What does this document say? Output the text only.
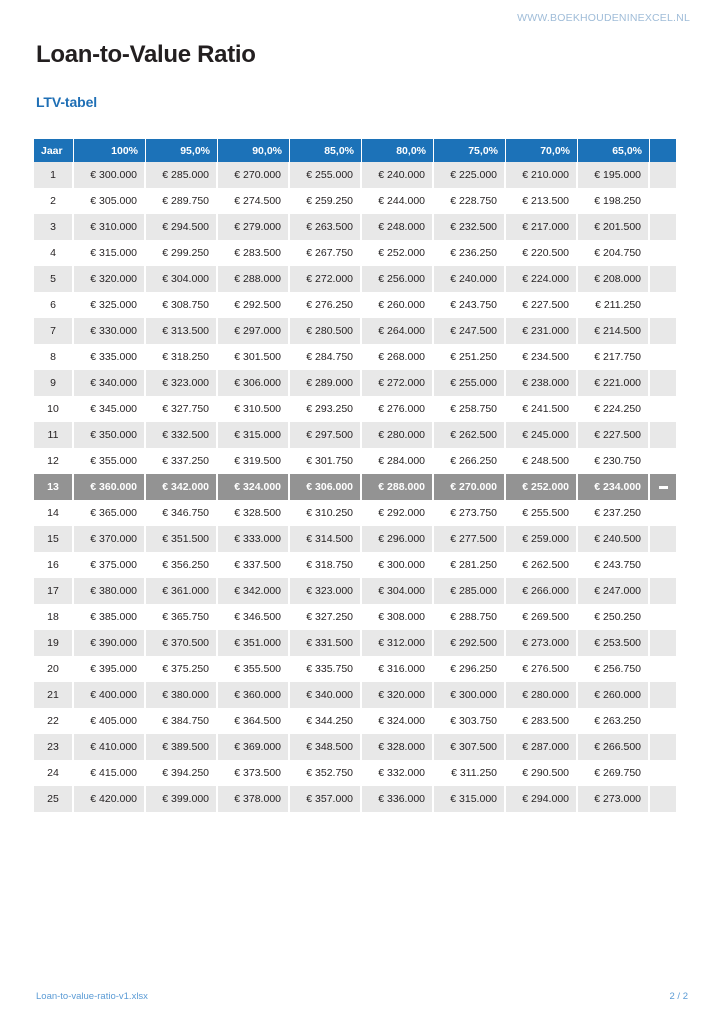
WWW.BOEKHOUDENINEXCEL.NL
Loan-to-Value Ratio
LTV-tabel
Jaar	100%	95,0%	90,0%	85,0%	80,0%	75,0%	70,0%	65,0%	
1	€ 300.000	€ 285.000	€ 270.000	€ 255.000	€ 240.000	€ 225.000	€ 210.000	€ 195.000	
2	€ 305.000	€ 289.750	€ 274.500	€ 259.250	€ 244.000	€ 228.750	€ 213.500	€ 198.250	
3	€ 310.000	€ 294.500	€ 279.000	€ 263.500	€ 248.000	€ 232.500	€ 217.000	€ 201.500	
4	€ 315.000	€ 299.250	€ 283.500	€ 267.750	€ 252.000	€ 236.250	€ 220.500	€ 204.750	
5	€ 320.000	€ 304.000	€ 288.000	€ 272.000	€ 256.000	€ 240.000	€ 224.000	€ 208.000	
6	€ 325.000	€ 308.750	€ 292.500	€ 276.250	€ 260.000	€ 243.750	€ 227.500	€ 211.250	
7	€ 330.000	€ 313.500	€ 297.000	€ 280.500	€ 264.000	€ 247.500	€ 231.000	€ 214.500	
8	€ 335.000	€ 318.250	€ 301.500	€ 284.750	€ 268.000	€ 251.250	€ 234.500	€ 217.750	
9	€ 340.000	€ 323.000	€ 306.000	€ 289.000	€ 272.000	€ 255.000	€ 238.000	€ 221.000	
10	€ 345.000	€ 327.750	€ 310.500	€ 293.250	€ 276.000	€ 258.750	€ 241.500	€ 224.250	
11	€ 350.000	€ 332.500	€ 315.000	€ 297.500	€ 280.000	€ 262.500	€ 245.000	€ 227.500	
12	€ 355.000	€ 337.250	€ 319.500	€ 301.750	€ 284.000	€ 266.250	€ 248.500	€ 230.750	
13	€ 360.000	€ 342.000	€ 324.000	€ 306.000	€ 288.000	€ 270.000	€ 252.000	€ 234.000	
14	€ 365.000	€ 346.750	€ 328.500	€ 310.250	€ 292.000	€ 273.750	€ 255.500	€ 237.250	
15	€ 370.000	€ 351.500	€ 333.000	€ 314.500	€ 296.000	€ 277.500	€ 259.000	€ 240.500	
16	€ 375.000	€ 356.250	€ 337.500	€ 318.750	€ 300.000	€ 281.250	€ 262.500	€ 243.750	
17	€ 380.000	€ 361.000	€ 342.000	€ 323.000	€ 304.000	€ 285.000	€ 266.000	€ 247.000	
18	€ 385.000	€ 365.750	€ 346.500	€ 327.250	€ 308.000	€ 288.750	€ 269.500	€ 250.250	
19	€ 390.000	€ 370.500	€ 351.000	€ 331.500	€ 312.000	€ 292.500	€ 273.000	€ 253.500	
20	€ 395.000	€ 375.250	€ 355.500	€ 335.750	€ 316.000	€ 296.250	€ 276.500	€ 256.750	
21	€ 400.000	€ 380.000	€ 360.000	€ 340.000	€ 320.000	€ 300.000	€ 280.000	€ 260.000	
22	€ 405.000	€ 384.750	€ 364.500	€ 344.250	€ 324.000	€ 303.750	€ 283.500	€ 263.250	
23	€ 410.000	€ 389.500	€ 369.000	€ 348.500	€ 328.000	€ 307.500	€ 287.000	€ 266.500	
24	€ 415.000	€ 394.250	€ 373.500	€ 352.750	€ 332.000	€ 311.250	€ 290.500	€ 269.750	
25	€ 420.000	€ 399.000	€ 378.000	€ 357.000	€ 336.000	€ 315.000	€ 294.000	€ 273.000	
Loan-to-value-ratio-v1.xlsx	2 / 2
